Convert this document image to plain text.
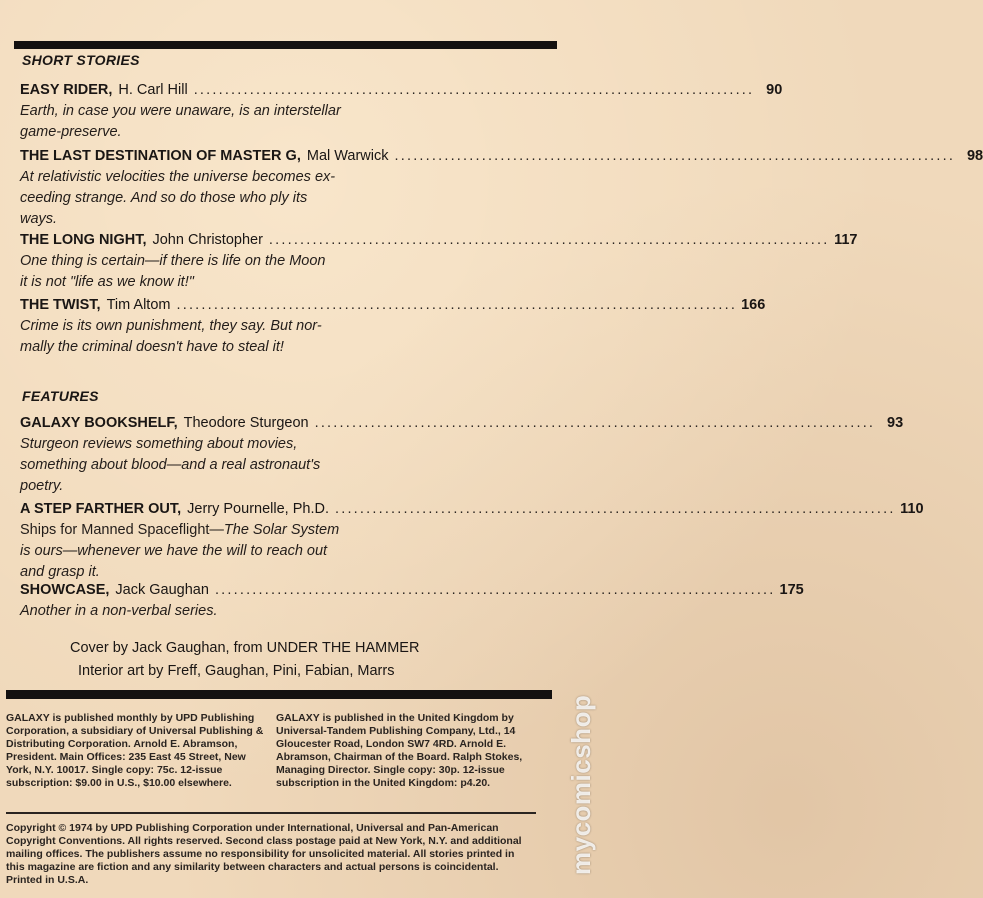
SHORT STORIES
EASY RIDER, H. Carl Hill .......................................................................................... 90
Earth, in case you were unaware, is an interstellar
game-preserve.
THE LAST DESTINATION OF MASTER G, Mal Warwick .......................................................................................... 98
At relativistic velocities the universe becomes ex-
ceeding strange. And so do those who ply its
ways.
THE LONG NIGHT, John Christopher .......................................................................................... 117
One thing is certain—if there is life on the Moon
it is not "life as we know it!"
THE TWIST, Tim Altom .......................................................................................... 166
Crime is its own punishment, they say. But nor-
mally the criminal doesn't have to steal it!
FEATURES
GALAXY BOOKSHELF, Theodore Sturgeon .......................................................................................... 93
Sturgeon reviews something about movies,
something about blood—and a real astronaut's
poetry.
A STEP FARTHER OUT, Jerry Pournelle, Ph.D. .......................................................................................... 110
Ships for Manned Spaceflight—The Solar System
is ours—whenever we have the will to reach out
and grasp it.
SHOWCASE, Jack Gaughan .......................................................................................... 175
Another in a non-verbal series.
Cover by Jack Gaughan, from UNDER THE HAMMER
Interior art by Freff, Gaughan, Pini, Fabian, Marrs
GALAXY is published monthly by UPD Publishing Corporation, a subsidiary of Universal Publishing & Distributing Corporation. Arnold E. Abramson, President. Main Offices: 235 East 45 Street, New York, N.Y. 10017. Single copy: 75c. 12-issue subscription: $9.00 in U.S., $10.00 elsewhere.
GALAXY is published in the United Kingdom by Universal-Tandem Publishing Company, Ltd., 14 Gloucester Road, London SW7 4RD. Arnold E. Abramson, Chairman of the Board. Ralph Stokes, Managing Director. Single copy: 30p. 12-issue subscription in the United Kingdom: p4.20.
Copyright © 1974 by UPD Publishing Corporation under International, Universal and Pan-American Copyright Conventions. All rights reserved. Second class postage paid at New York, N.Y. and additional mailing offices. The publishers assume no responsibility for unsolicited material. All stories printed in this magazine are fiction and any similarity between characters and actual persons is coincidental. Printed in U.S.A.
mycomicshop
